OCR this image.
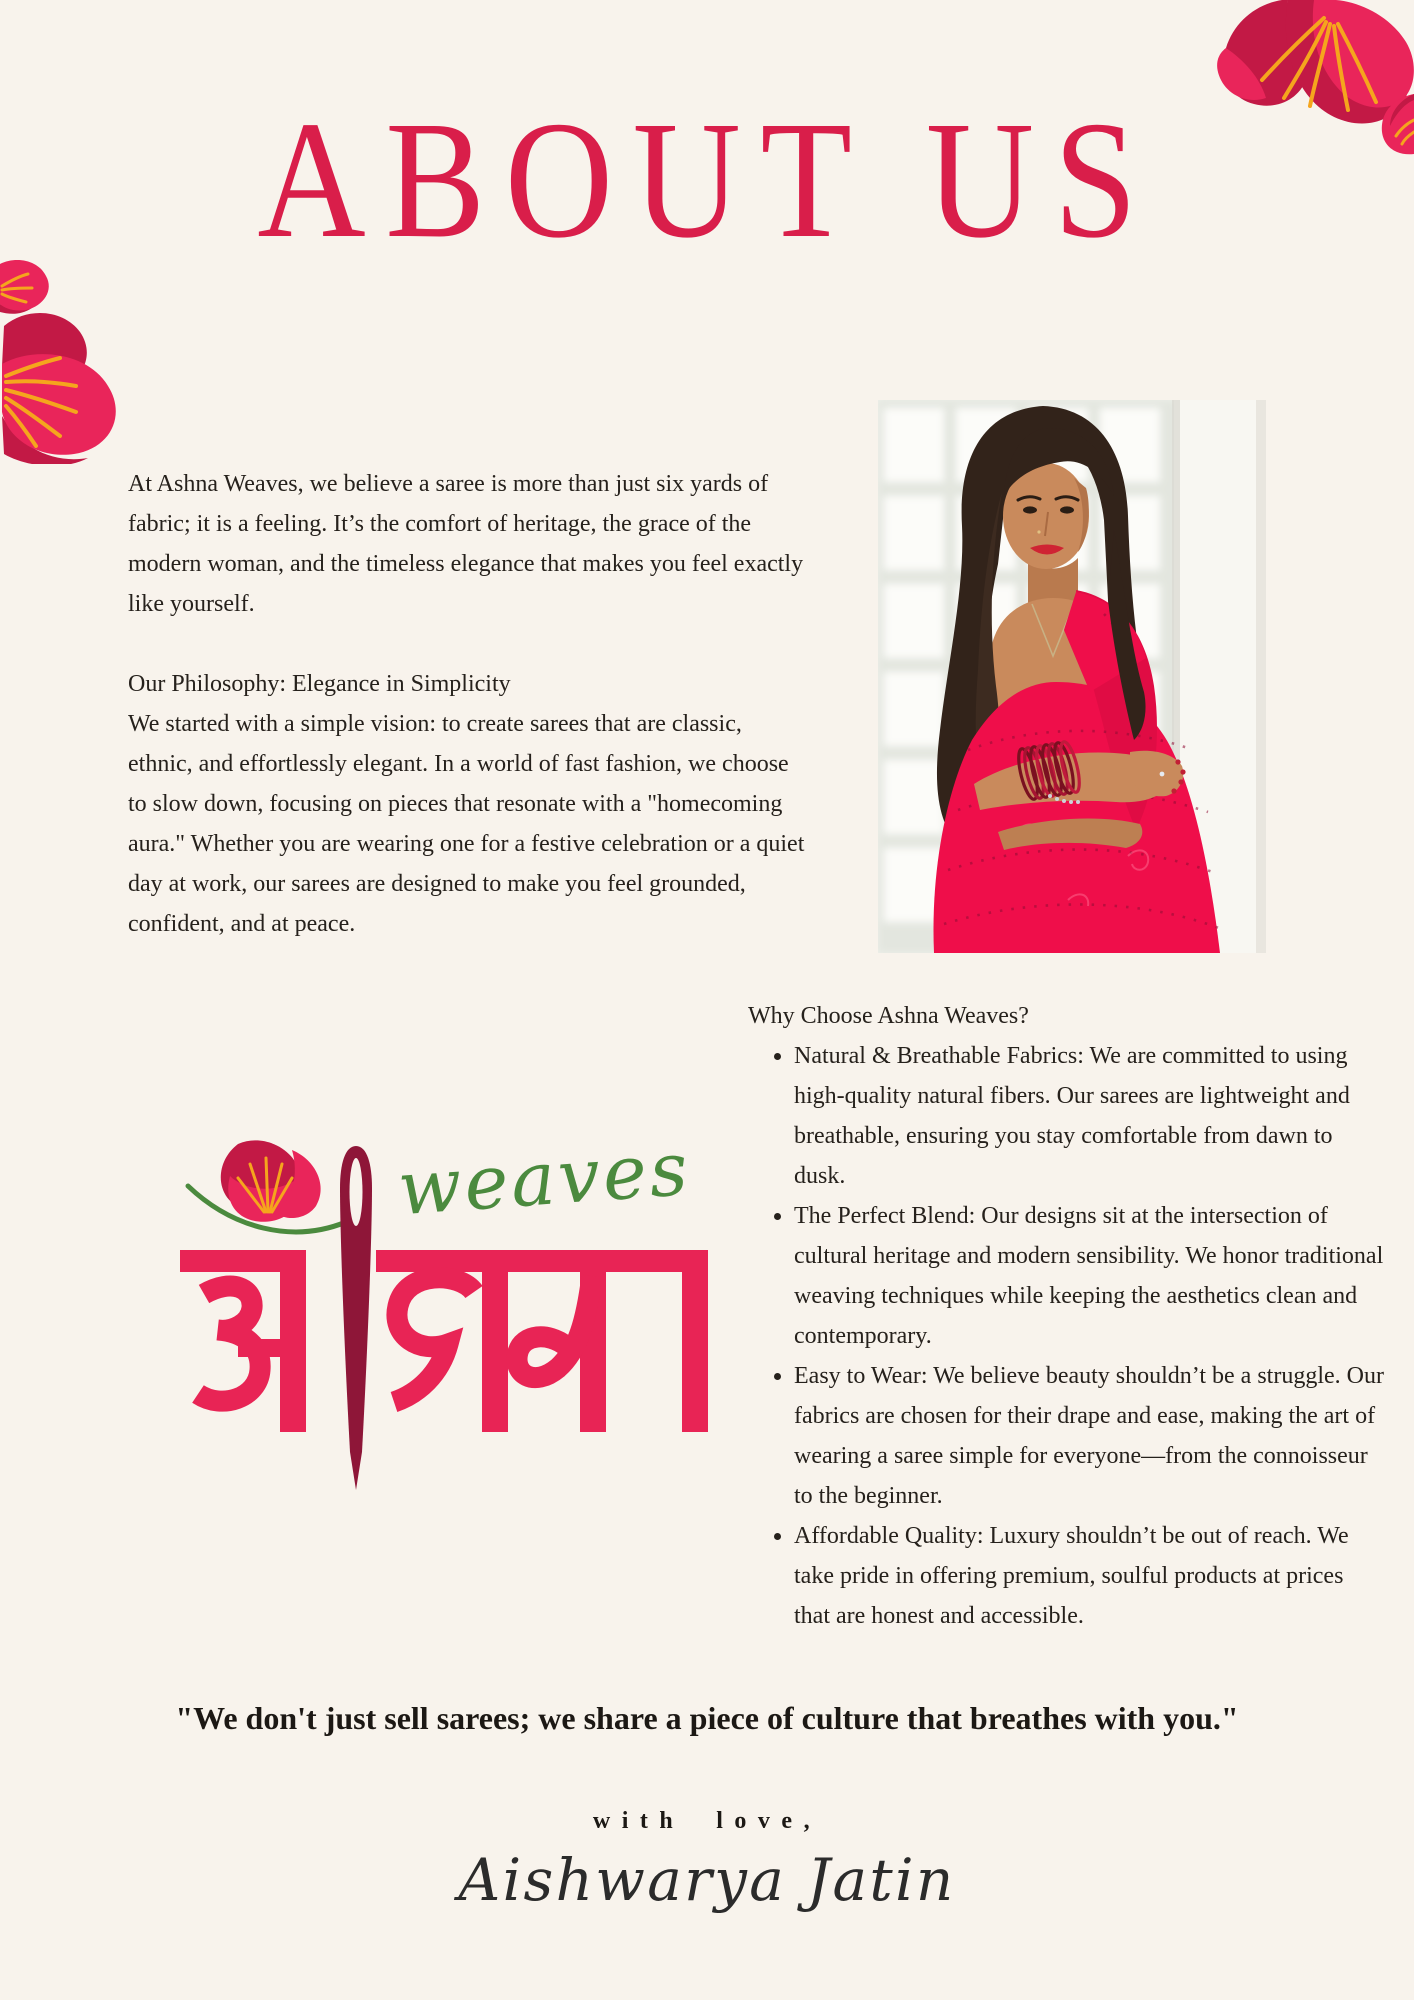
ABOUT US

At Ashna Weaves, we believe a saree is more than just six yards of fabric; it is a feeling. It’s the comfort of heritage, the grace of the modern woman, and the timeless elegance that makes you feel exactly like yourself.

Our Philosophy: Elegance in Simplicity

We started with a simple vision: to create sarees that are classic, ethnic, and effortlessly elegant. In a world of fast fashion, we choose to slow down, focusing on pieces that resonate with a "homecoming aura." Whether you are wearing one for a festive celebration or a quiet day at work, our sarees are designed to make you feel grounded, confident, and at peace.

Why Choose Ashna Weaves?
• Natural & Breathable Fabrics: We are committed to using high-quality natural fibers. Our sarees are lightweight and breathable, ensuring you stay comfortable from dawn to dusk.
• The Perfect Blend: Our designs sit at the intersection of cultural heritage and modern sensibility. We honor traditional weaving techniques while keeping the aesthetics clean and contemporary.
• Easy to Wear: We believe beauty shouldn’t be a struggle. Our fabrics are chosen for their drape and ease, making the art of wearing a saree simple for everyone—from the connoisseur to the beginner.
• Affordable Quality: Luxury shouldn’t be out of reach. We take pride in offering premium, soulful products at prices that are honest and accessible.
weaves
"We don't just sell sarees; we share a piece of culture that breathes with you."
with love,
Aishwarya Jatin
